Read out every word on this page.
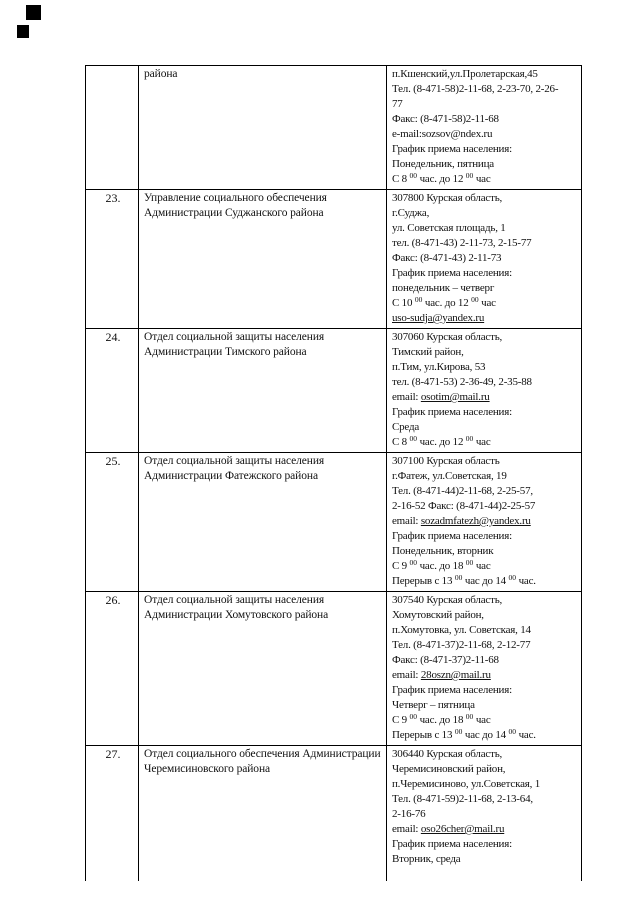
	района	п.Кшенский,ул.Пролетарская,45
Тел. (8-471-58)2-11-68, 2-23-70, 2-26-
77
Факс: (8-471-58)2-11-68
e-mail:sozsov@ndex.ru
График приема населения:
Понедельник, пятница
С 8 $^{00}$ час. до 12 $^{00}$ час

23.	Управление социального обеспечения Администрации Суджанского района	
307800 Курская область,
г.Суджа,
ул. Советская площадь, 1
тел. (8-471-43) 2-11-73, 2-15-77
Факс: (8-471-43) 2-11-73
График приема населения:
понедельник – четверг
С 10 $^{00}$ час. до 12 $^{00}$ час
uso-sudja@yandex.ru

24.	Отдел социальной защиты населения Администрации Тимского района	
307060 Курская область,
Тимский район,
п.Тим, ул.Кирова, 53
тел. (8-471-53) 2-36-49, 2-35-88
email: osotim@mail.ru
График приема населения:
Среда
С 8 $^{00}$ час. до 12 $^{00}$ час

25.	Отдел социальной защиты населения Администрации Фатежского района	
307100 Курская область
г.Фатеж, ул.Советская, 19
Тел. (8-471-44)2-11-68, 2-25-57,
2-16-52 Факс: (8-471-44)2-25-57
email: sozadmfatezh@yandex.ru
График приема населения:
Понедельник, вторник
С 9 $^{00}$ час. до 18 $^{00}$ час
Перерыв с 13 $^{00}$ час до 14 $^{00}$ час.

26.	Отдел социальной защиты населения Администрации Хомутовского района	
307540 Курская область,
Хомутовский район,
п.Хомутовка, ул. Советская, 14
Тел. (8-471-37)2-11-68, 2-12-77
Факс: (8-471-37)2-11-68
email: 28oszn@mail.ru
График приема населения:
Четверг – пятница
С 9 $^{00}$ час. до 18 $^{00}$ час
Перерыв с 13 $^{00}$ час до 14 $^{00}$ час.

27.	Отдел социального обеспечения Администрации Черемисиновского района	
306440 Курская область,
Черемисиновский район,
п.Черемисиново, ул.Советская, 1
Тел. (8-471-59)2-11-68, 2-13-64,
2-16-76
email: oso26cher@mail.ru
График приема населения:
Вторник, среда
